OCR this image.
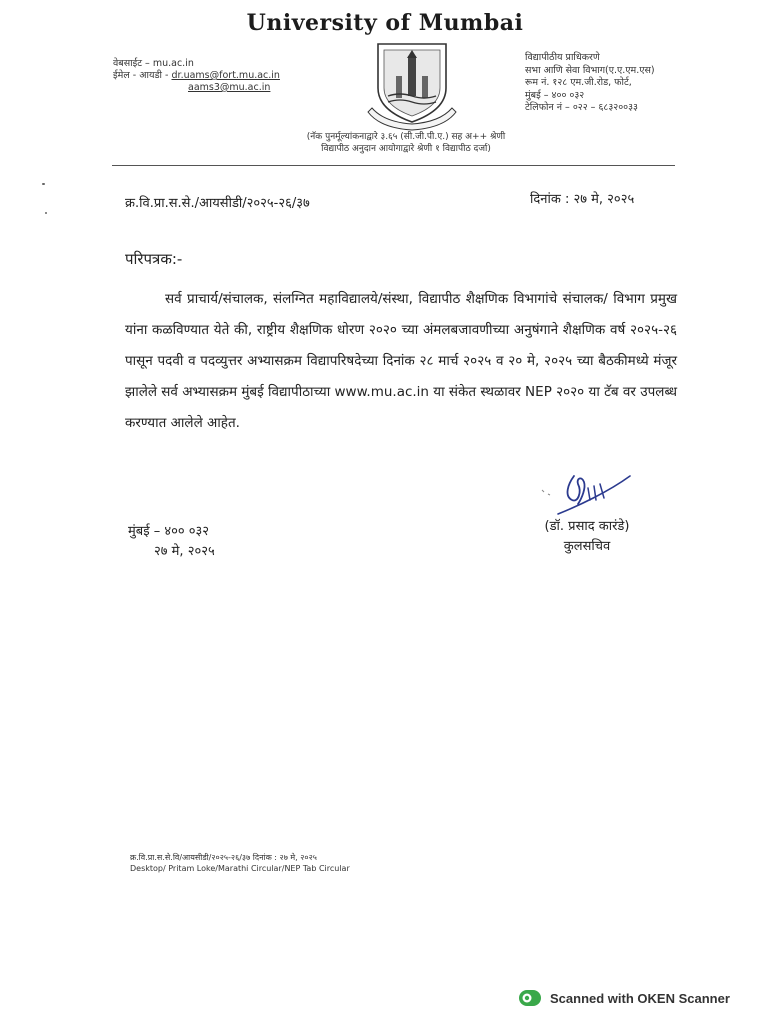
University of Mumbai
वेबसाईट – mu.ac.in
ईमेल - आयडी - dr.uams@fort.mu.ac.in
aams3@mu.ac.in
विद्यापीठीय प्राधिकरणे
सभा आणि सेवा विभाग(ए.ए.एम.एस)
रूम नं. १२८ एम.जी.रोड, फोर्ट,
मुंबई – ४०० ०३२
टेलिफोन नं – ०२२ – ६८३२००३३
(नॅक पुनर्मूल्यांकनाद्वारे ३.६५ (सी.जी.पी.ए.) सह अ++ श्रेणी
विद्यापीठ अनुदान आयोगाद्वारे श्रेणी १ विद्यापीठ दर्जा)
क्र.वि.प्रा.स.से./आयसीडी/२०२५-२६/३७	दिनांक : २७ मे, २०२५
परिपत्रक:-

सर्व प्राचार्य/संचालक, संलग्नित महाविद्यालये/संस्था, विद्यापीठ शैक्षणिक विभागांचे संचालक/ विभाग प्रमुख यांना कळविण्यात येते की, राष्ट्रीय शैक्षणिक धोरण २०२० च्या अंमलबजावणीच्या अनुषंगाने शैक्षणिक वर्ष २०२५-२६ पासून पदवी व पदव्युत्तर अभ्यासक्रम विद्यापरिषदेच्या दिनांक २८ मार्च २०२५ व २० मे, २०२५ च्या बैठकीमध्ये मंजूर झालेले सर्व अभ्यासक्रम मुंबई विद्यापीठाच्या www.mu.ac.in या संकेत स्थळावर NEP २०२० या टॅब वर उपलब्ध करण्यात आलेले आहेत.

मुंबई – ४०० ०३२
२७ मे, २०२५
(डॉ. प्रसाद कारंडे)
कुलसचिव
क्र.वि.प्रा.स.से.वि/आयसीडी/२०२५-२६/३७ दिनांक : २७ मे, २०२५
Desktop/ Pritam Loke/Marathi Circular/NEP Tab Circular
Scanned with OKEN Scanner
